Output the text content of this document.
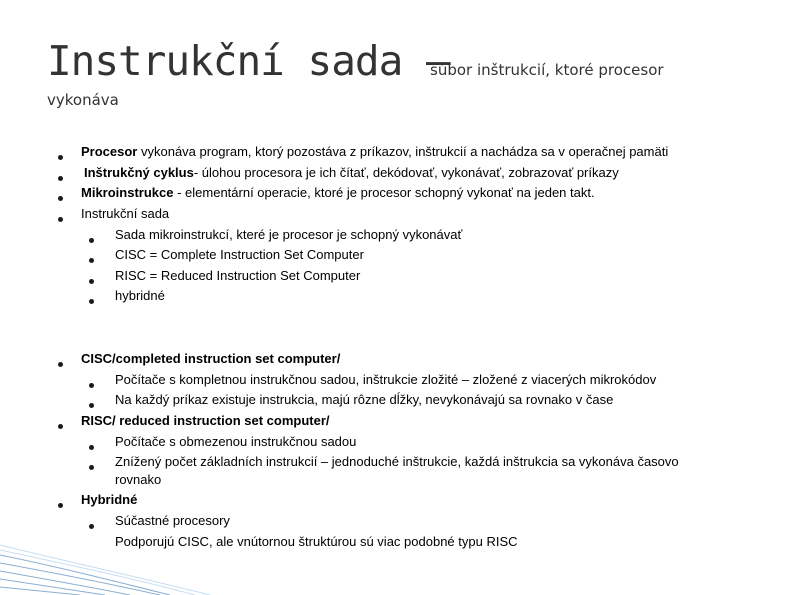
Instrukční sada –
súbor inštrukcií, ktoré procesor
vykonáva
Procesor vykonáva program, ktorý pozostáva z príkazov, inštrukcií a nachádza sa v operačnej pamäti
Inštrukčný cyklus- úlohou procesora je ich čítať, dekódovať, vykonávať, zobrazovať príkazy
Mikroinstrukce - elementární operacie, ktoré je procesor schopný vykonať na jeden takt.
Instrukční sada
Sada mikroinstrukcí, které je procesor je schopný vykonávať
CISC = Complete Instruction Set Computer
RISC = Reduced Instruction Set Computer
hybridné
CISC/completed instruction set computer/
Počítače s kompletnou instrukčnou sadou, inštrukcie zložité – zložené z viacerých mikrokódov
Na každý príkaz existuje instrukcia, majú rôzne dĺžky, nevykonávajú sa rovnako v čase
RISC/ reduced instruction set computer/
Počítače s obmezenou instrukčnou sadou
Znížený počet základních instrukcií – jednoduché inštrukcie, každá inštrukcia sa vykonáva časovo
rovnako
Hybridné
Súčastné procesory
Podporujú CISC, ale vnútornou štruktúrou sú viac podobné typu RISC
